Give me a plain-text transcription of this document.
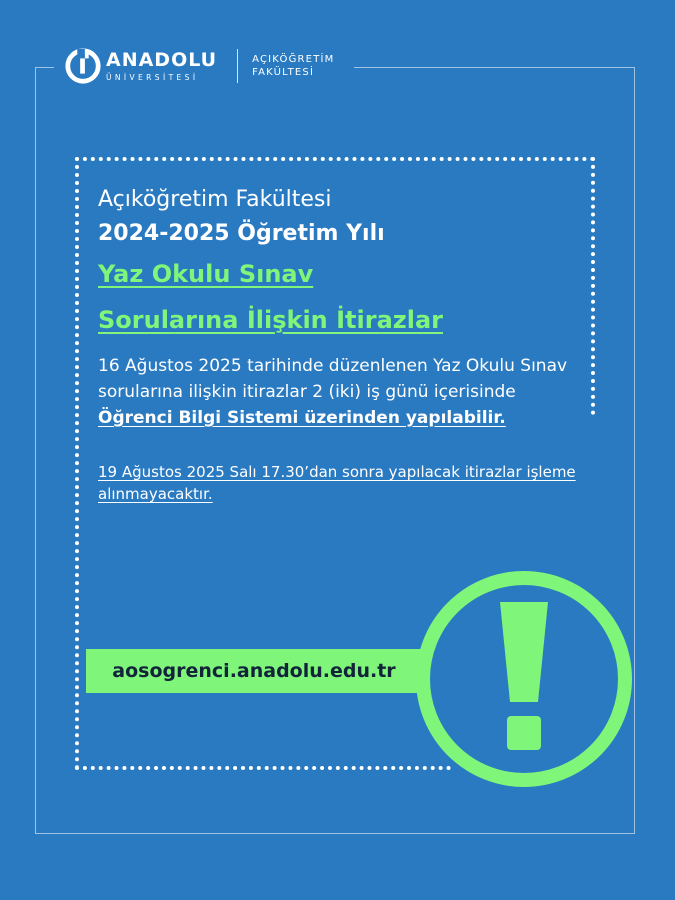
ANADOLU
ÜNİVERSİTESİ
AÇIKÖĞRETİM
FAKÜLTESİ
Açıköğretim Fakültesi
2024-2025 Öğretim Yılı
Yaz Okulu Sınav
Sorularına İlişkin İtirazlar
16 Ağustos 2025 tarihinde düzenlenen Yaz Okulu Sınav sorularına ilişkin itirazlar 2 (iki) iş günü içerisinde
Öğrenci Bilgi Sistemi üzerinden yapılabilir.
19 Ağustos 2025 Salı 17.30’dan sonra yapılacak itirazlar işleme alınmayacaktır.
aosogrenci.anadolu.edu.tr
